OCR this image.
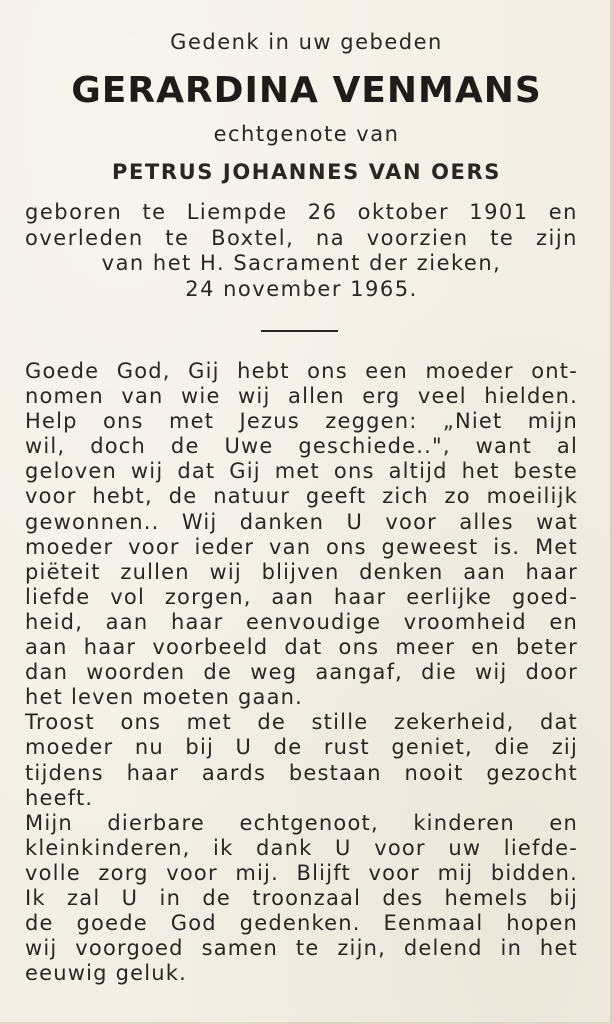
Gedenk in uw gebeden
GERARDINA VENMANS
echtgenote van
PETRUS JOHANNES VAN OERS
geboren te Liempde 26 oktober 1901 en
overleden te Boxtel, na voorzien te zijn
van het H. Sacrament der zieken,
24 november 1965.
Goede God, Gij hebt ons een moeder ont-
nomen van wie wij allen erg veel hielden.
Help ons met Jezus zeggen: „Niet mijn
wil, doch de Uwe geschiede..", want al
geloven wij dat Gij met ons altijd het beste
voor hebt, de natuur geeft zich zo moeilijk
gewonnen.. Wij danken U voor alles wat
moeder voor ieder van ons geweest is. Met
piëteit zullen wij blijven denken aan haar
liefde vol zorgen, aan haar eerlijke goed-
heid, aan haar eenvoudige vroomheid en
aan haar voorbeeld dat ons meer en beter
dan woorden de weg aangaf, die wij door
het leven moeten gaan.
Troost ons met de stille zekerheid, dat
moeder nu bij U de rust geniet, die zij
tijdens haar aards bestaan nooit gezocht
heeft.
Mijn dierbare echtgenoot, kinderen en
kleinkinderen, ik dank U voor uw liefde-
volle zorg voor mij. Blijft voor mij bidden.
Ik zal U in de troonzaal des hemels bij
de goede God gedenken. Eenmaal hopen
wij voorgoed samen te zijn, delend in het
eeuwig geluk.
